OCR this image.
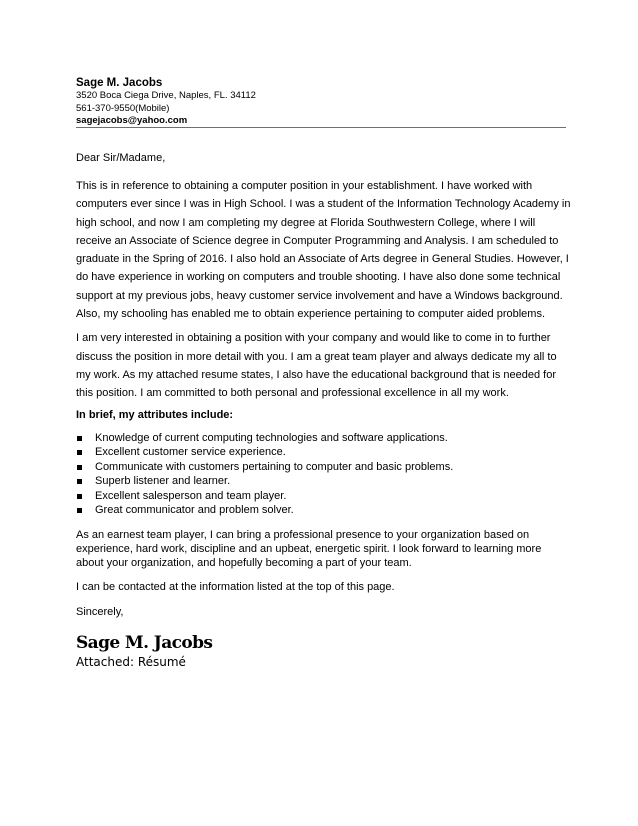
Sage M. Jacobs
3520 Boca Ciega Drive, Naples, FL. 34112
561-370-9550(Mobile)
sagejacobs@yahoo.com

Dear Sir/Madame,

This is in reference to obtaining a computer position in your establishment. I have worked with computers ever since I was in High School. I was a student of the Information Technology Academy in high school, and now I am completing my degree at Florida Southwestern College, where I will receive an Associate of Science degree in Computer Programming and Analysis. I am scheduled to graduate in the Spring of 2016. I also hold an Associate of Arts degree in General Studies. However, I do have experience in working on computers and trouble shooting. I have also done some technical support at my previous jobs, heavy customer service involvement and have a Windows background. Also, my schooling has enabled me to obtain experience pertaining to computer aided problems.

I am very interested in obtaining a position with your company and would like to come in to further discuss the position in more detail with you. I am a great team player and always dedicate my all to my work. As my attached resume states, I also have the educational background that is needed for this position. I am committed to both personal and professional excellence in all my work.

In brief, my attributes include:

Knowledge of current computing technologies and software applications.
Excellent customer service experience.
Communicate with customers pertaining to computer and basic problems.
Superb listener and learner.
Excellent salesperson and team player.
Great communicator and problem solver.

As an earnest team player, I can bring a professional presence to your organization based on experience, hard work, discipline and an upbeat, energetic spirit. I look forward to learning more about your organization, and hopefully becoming a part of your team.

I can be contacted at the information listed at the top of this page.

Sincerely,

Sage M. Jacobs

Attached: Résumé
